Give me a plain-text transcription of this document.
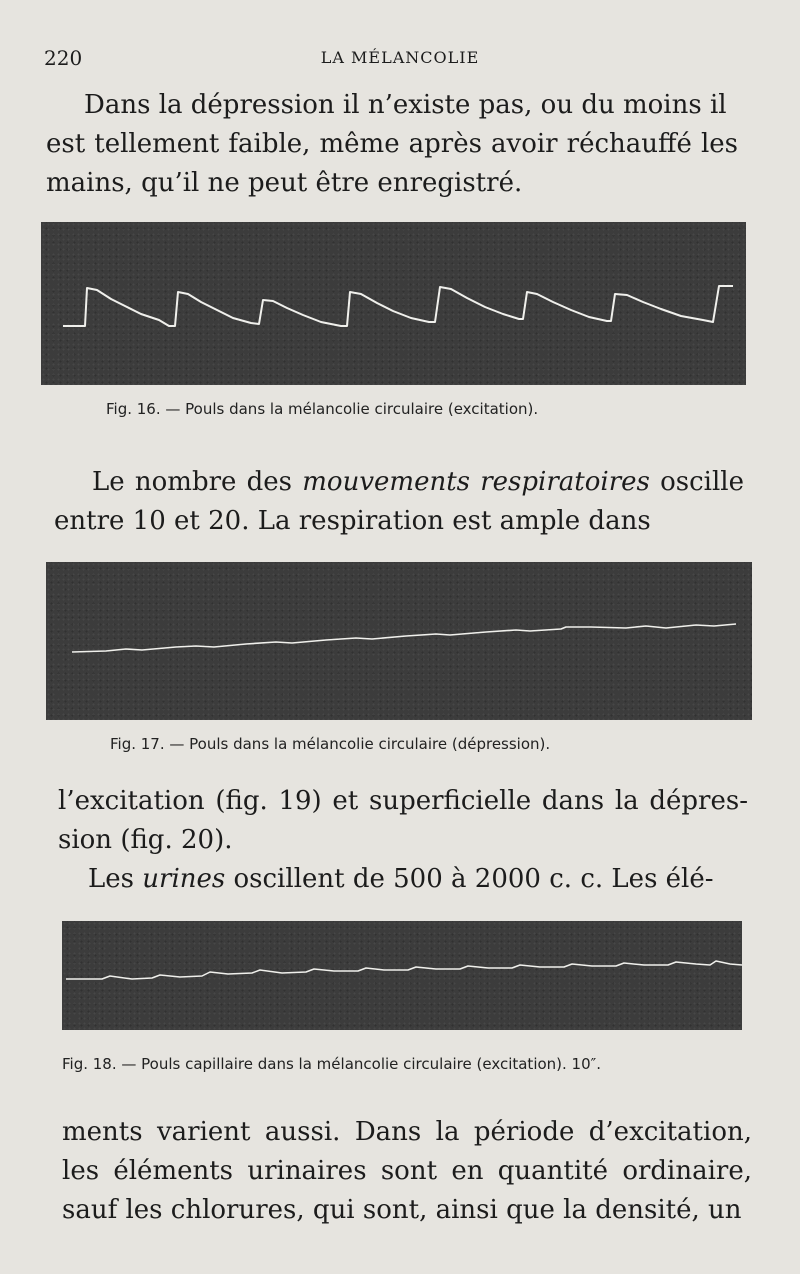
220	LA MÉLANCOLIE

Dans la dépression il n’existe pas, ou du moins il
est tellement faible, même après avoir réchauffé les mains, qu’il ne peut être enregistré.

Fig. 16. — Pouls dans la mélancolie circulaire (excitation).

Le nombre des mouvements respiratoires oscille entre 10 et 20. La respiration est ample dans

Fig. 17. — Pouls dans la mélancolie circulaire (dépression).

l’excitation (fig. 19) et superficielle dans la dépres-sion (fig. 20).
Les urines oscillent de 500 à 2000 c. c. Les élé-

Fig. 18. — Pouls capillaire dans la mélancolie circulaire (excitation). 10″.

ments varient aussi. Dans la période d’excitation, les éléments urinaires sont en quantité ordinaire, sauf les chlorures, qui sont, ainsi que la densité, un
